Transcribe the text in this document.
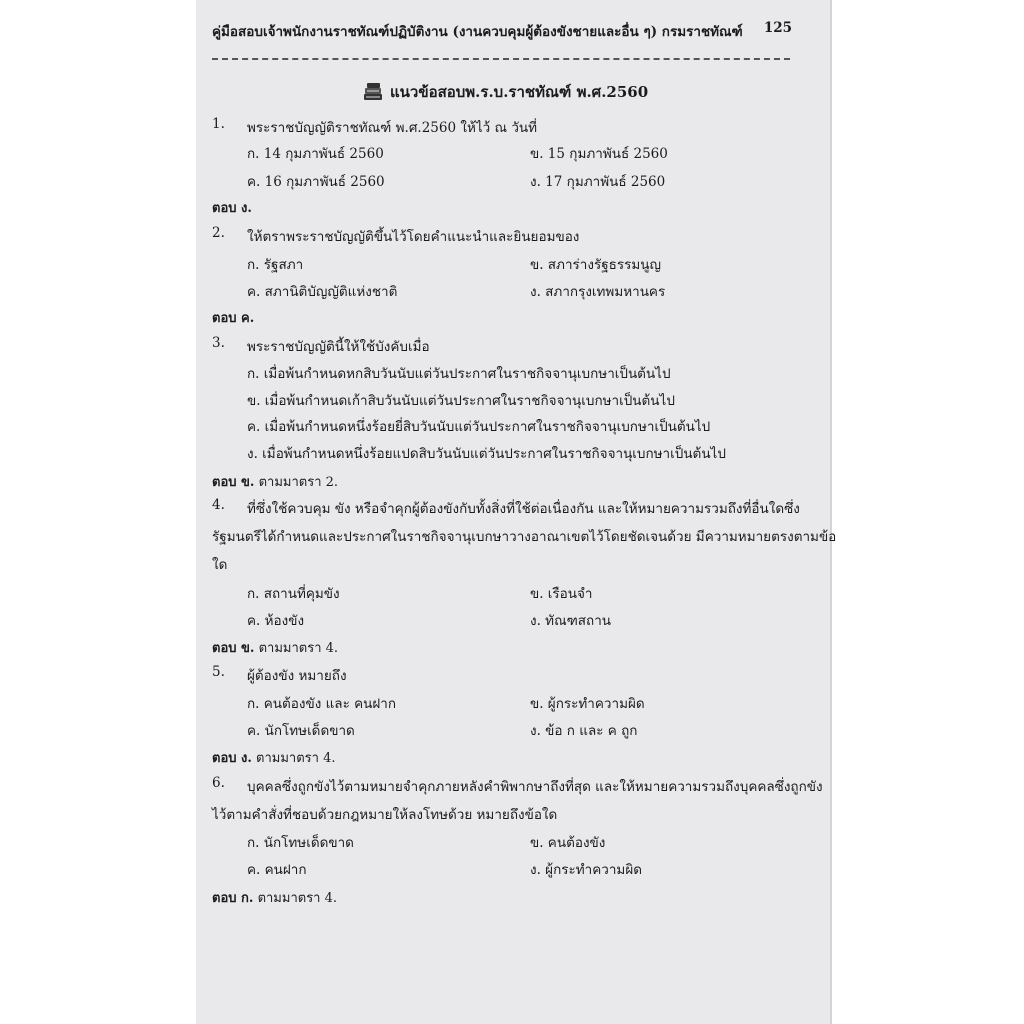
คู่มือสอบเจ้าพนักงานราชทัณฑ์ปฏิบัติงาน (งานควบคุมผู้ต้องขังชายและอื่น ๆ) กรมราชทัณฑ์ 125
แนวข้อสอบพ.ร.บ.ราชทัณฑ์ พ.ศ.2560
1. พระราชบัญญัติราชทัณฑ์ พ.ศ.2560 ให้ไว้ ณ วันที่
ก. 14 กุมภาพันธ์ 2560	ข. 15 กุมภาพันธ์ 2560
ค. 16 กุมภาพันธ์ 2560	ง. 17 กุมภาพันธ์ 2560
ตอบ ง.
2. ให้ตราพระราชบัญญัติขึ้นไว้โดยคำแนะนำและยินยอมของ
ก. รัฐสภา	ข. สภาร่างรัฐธรรมนูญ
ค. สภานิติบัญญัติแห่งชาติ	ง. สภากรุงเทพมหานคร
ตอบ ค.
3. พระราชบัญญัตินี้ให้ใช้บังคับเมื่อ
ก. เมื่อพ้นกำหนดหกสิบวันนับแต่วันประกาศในราชกิจจานุเบกษาเป็นต้นไป
ข. เมื่อพ้นกำหนดเก้าสิบวันนับแต่วันประกาศในราชกิจจานุเบกษาเป็นต้นไป
ค. เมื่อพ้นกำหนดหนึ่งร้อยยี่สิบวันนับแต่วันประกาศในราชกิจจานุเบกษาเป็นต้นไป
ง. เมื่อพ้นกำหนดหนึ่งร้อยแปดสิบวันนับแต่วันประกาศในราชกิจจานุเบกษาเป็นต้นไป
ตอบ ข. ตามมาตรา 2.
4. ที่ซึ่งใช้ควบคุม ขัง หรือจำคุกผู้ต้องขังกับทั้งสิ่งที่ใช้ต่อเนื่องกัน และให้หมายความรวมถึงที่อื่นใดซึ่ง
รัฐมนตรีได้กำหนดและประกาศในราชกิจจานุเบกษาวางอาณาเขตไว้โดยชัดเจนด้วย มีความหมายตรงตามข้อ
ใด
ก. สถานที่คุมขัง	ข. เรือนจำ
ค. ห้องขัง	ง. ทัณฑสถาน
ตอบ ข. ตามมาตรา 4.
5. ผู้ต้องขัง หมายถึง
ก. คนต้องขัง และ คนฝาก	ข. ผู้กระทำความผิด
ค. นักโทษเด็ดขาด	ง. ข้อ ก และ ค ถูก
ตอบ ง. ตามมาตรา 4.
6. บุคคลซึ่งถูกขังไว้ตามหมายจำคุกภายหลังคำพิพากษาถึงที่สุด และให้หมายความรวมถึงบุคคลซึ่งถูกขัง
ไว้ตามคำสั่งที่ชอบด้วยกฎหมายให้ลงโทษด้วย หมายถึงข้อใด
ก. นักโทษเด็ดขาด	ข. คนต้องขัง
ค. คนฝาก	ง. ผู้กระทำความผิด
ตอบ ก. ตามมาตรา 4.
